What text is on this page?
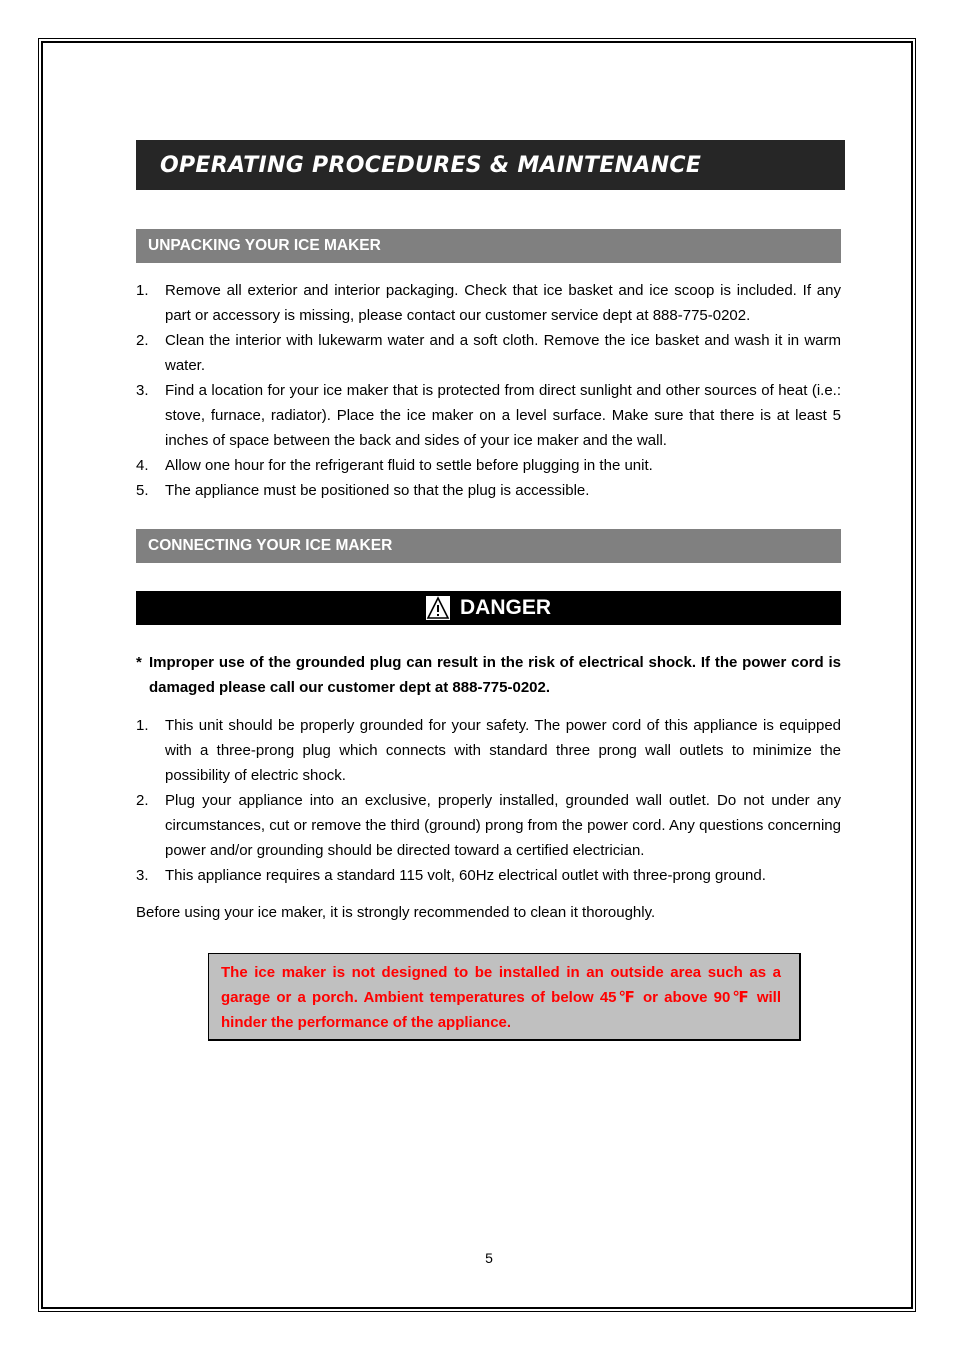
OPERATING PROCEDURES & MAINTENANCE
UNPACKING YOUR ICE MAKER
1. Remove all exterior and interior packaging. Check that ice basket and ice scoop is included. If any part or accessory is missing, please contact our customer service dept at 888-775-0202.
2. Clean the interior with lukewarm water and a soft cloth. Remove the ice basket and wash it in warm water.
3. Find a location for your ice maker that is protected from direct sunlight and other sources of heat (i.e.: stove, furnace, radiator). Place the ice maker on a level surface. Make sure that there is at least 5 inches of space between the back and sides of your ice maker and the wall.
4. Allow one hour for the refrigerant fluid to settle before plugging in the unit.
5. The appliance must be positioned so that the plug is accessible.
CONNECTING YOUR ICE MAKER
DANGER
* Improper use of the grounded plug can result in the risk of electrical shock. If the power cord is damaged please call our customer dept at 888-775-0202.
1. This unit should be properly grounded for your safety. The power cord of this appliance is equipped with a three-prong plug which connects with standard three prong wall outlets to minimize the possibility of electric shock.
2. Plug your appliance into an exclusive, properly installed, grounded wall outlet. Do not under any circumstances, cut or remove the third (ground) prong from the power cord. Any questions concerning power and/or grounding should be directed toward a certified electrician.
3. This appliance requires a standard 115 volt, 60Hz electrical outlet with three-prong ground.
Before using your ice maker, it is strongly recommended to clean it thoroughly.
The ice maker is not designed to be installed in an outside area such as a garage or a porch. Ambient temperatures of below 45℉ or above 90℉ will hinder the performance of the appliance.
5
